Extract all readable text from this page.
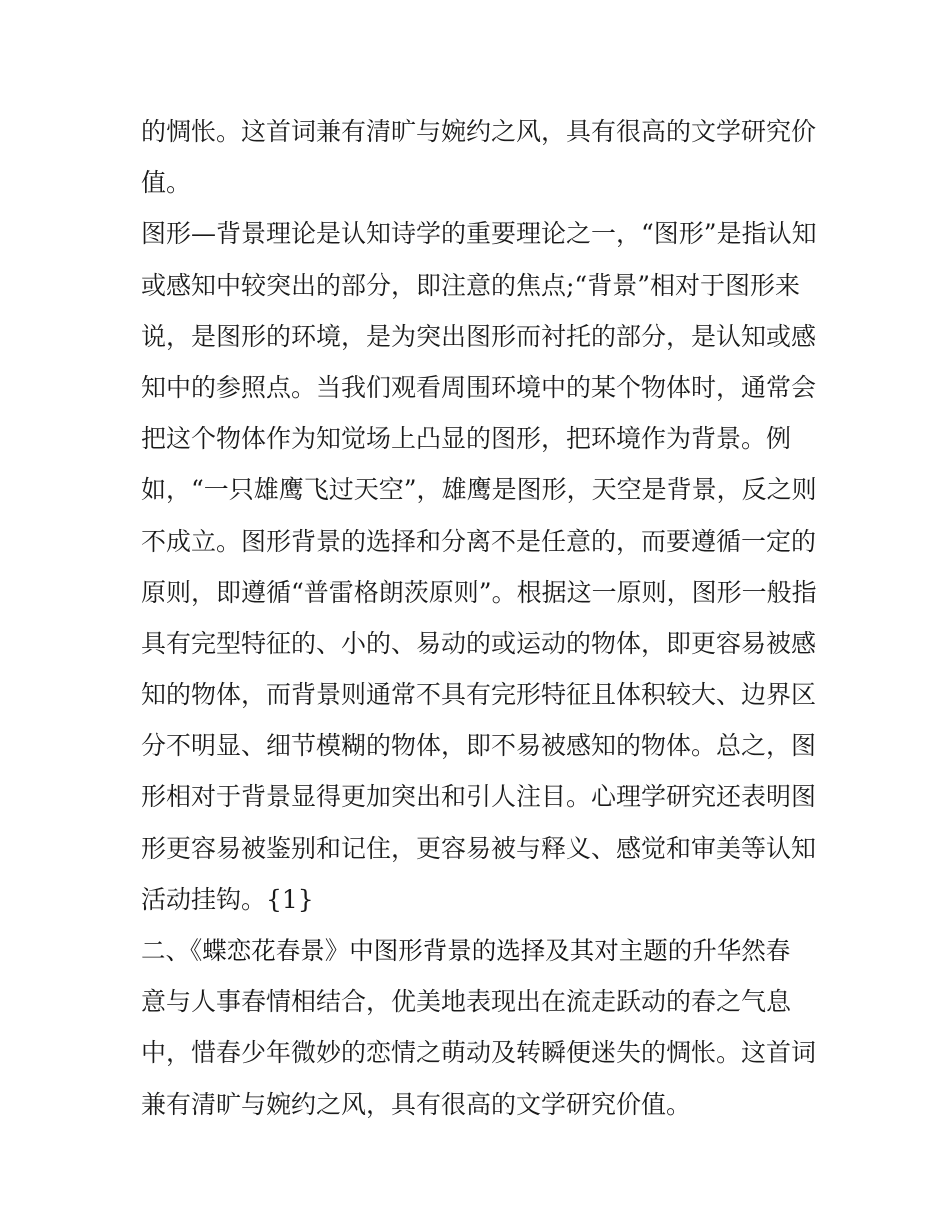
的惆怅。这首词兼有清旷与婉约之风，具有很高的文学研究价
值。
图形—背景理论是认知诗学的重要理论之一，“图形”是指认知
或感知中较突出的部分，即注意的焦点;“背景”相对于图形来
说，是图形的环境，是为突出图形而衬托的部分，是认知或感
知中的参照点。当我们观看周围环境中的某个物体时，通常会
把这个物体作为知觉场上凸显的图形，把环境作为背景。例
如，“一只雄鹰飞过天空”，雄鹰是图形，天空是背景，反之则
不成立。图形背景的选择和分离不是任意的，而要遵循一定的
原则，即遵循“普雷格朗茨原则”。根据这一原则，图形一般指
具有完型特征的、小的、易动的或运动的物体，即更容易被感
知的物体，而背景则通常不具有完形特征且体积较大、边界区
分不明显、细节模糊的物体，即不易被感知的物体。总之，图
形相对于背景显得更加突出和引人注目。心理学研究还表明图
形更容易被鉴别和记住，更容易被与释义、感觉和审美等认知
活动挂钩。{1}
二、《蝶恋花春景》中图形背景的选择及其对主题的升华然春
意与人事春情相结合，优美地表现出在流走跃动的春之气息
中，惜春少年微妙的恋情之萌动及转瞬便迷失的惆怅。这首词
兼有清旷与婉约之风，具有很高的文学研究价值。
